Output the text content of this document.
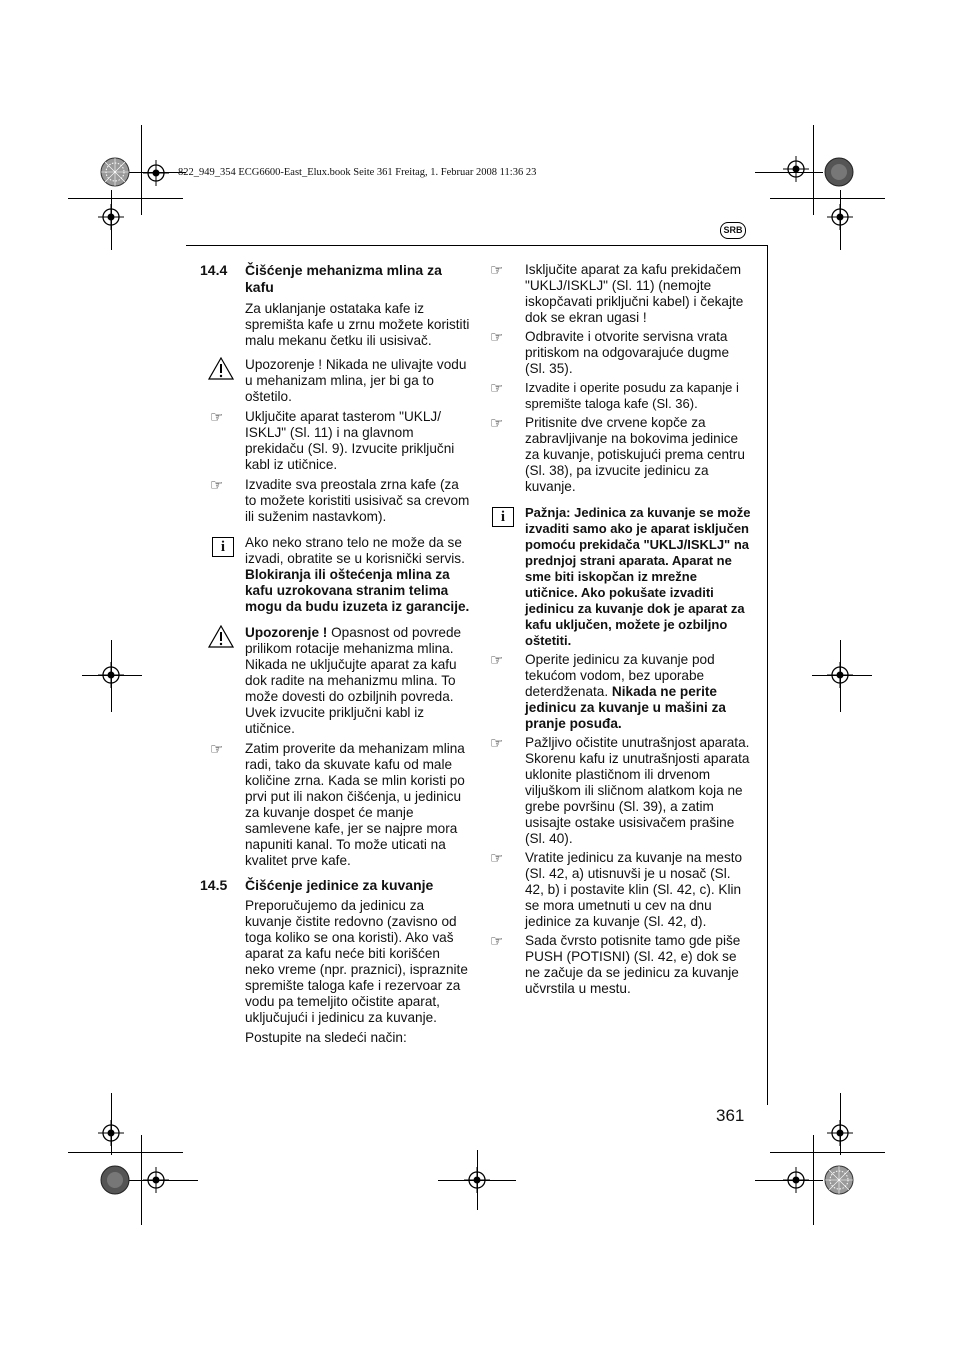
822_949_354 ECG6600-East_Elux.book Seite 361 Freitag, 1. Februar 2008 11:36 23
SRB
14.4	Čišćenje mehanizma mlina za kafu
Za uklanjanje ostataka kafe iz spremišta kafe u zrnu možete koristiti malu mekanu četku ili usisivač.
Upozorenje ! Nikada ne ulivajte vodu u mehanizam mlina, jer bi ga to oštetilo.
☞ Uključite aparat tasterom "UKLJ/ ISKLJ" (Sl. 11) i na glavnom prekidaču (Sl. 9). Izvucite priključni kabl iz utičnice.
☞ Izvadite sva preostala zrna kafe (za to možete koristiti usisivač sa crevom ili suženim nastavkom).
i	Ako neko strano telo ne može da se izvadi, obratite se u korisnički servis. Blokiranja ili oštećenja mlina za kafu uzrokovana stranim telima mogu da budu izuzeta iz garancije.
Upozorenje ! Opasnost od povrede prilikom rotacije mehanizma mlina. Nikada ne uključujte aparat za kafu dok radite na mehanizmu mlina. To može dovesti do ozbiljnih povreda. Uvek izvucite priključni kabl iz utičnice.
☞ Zatim proverite da mehanizam mlina radi, tako da skuvate kafu od male količine zrna. Kada se mlin koristi po prvi put ili nakon čišćenja, u jedinicu za kuvanje dospet će manje samlevene kafe, jer se najpre mora napuniti kanal. To može uticati na kvalitet prve kafe.
14.5	Čišćenje jedinice za kuvanje
Preporučujemo da jedinicu za kuvanje čistite redovno (zavisno od toga koliko se ona koristi). Ako vaš aparat za kafu neće biti korišćen neko vreme (npr. praznici), ispraznite spremište taloga kafe i rezervoar za vodu pa temeljito očistite aparat, uključujući i jedinicu za kuvanje.
Postupite na sledeći način:
☞ Isključite aparat za kafu prekidačem "UKLJ/ISKLJ" (Sl. 11) (nemojte iskopčavati priključni kabel) i čekajte dok se ekran ugasi !
☞ Odbravite i otvorite servisna vrata pritiskom na odgovarajuće dugme (Sl. 35).
☞ Izvadite i operite posudu za kapanje i spremište taloga kafe (Sl. 36).
☞ Pritisnite dve crvene kopče za zabravljivanje na bokovima jedinice za kuvanje, potiskujući prema centru (Sl. 38), pa izvucite jedinicu za kuvanje.
i	Pažnja: Jedinica za kuvanje se može izvaditi samo ako je aparat isključen pomoću prekidača "UKLJ/ISKLJ" na prednjoj strani aparata. Aparat ne sme biti iskopčan iz mrežne utičnice. Ako pokušate izvaditi jedinicu za kuvanje dok je aparat za kafu uključen, možete je ozbiljno oštetiti.
☞ Operite jedinicu za kuvanje pod tekućom vodom, bez uporabe deterdženata. Nikada ne perite jedinicu za kuvanje u mašini za pranje posuđa.
☞ Pažljivo očistite unutrašnjost aparata. Skorenu kafu iz unutrašnjosti aparata uklonite plastičnom ili drvenom viljuškom ili sličnom alatkom koja ne grebe površinu (Sl. 39), a zatim usisajte ostake usisivačem prašine (Sl. 40).
☞ Vratite jedinicu za kuvanje na mesto (Sl. 42, a) utisnuvši je u nosač (Sl. 42, b) i postavite klin (Sl. 42, c). Klin se mora umetnuti u cev na dnu jedinice za kuvanje (Sl. 42, d).
☞ Sada čvrsto potisnite tamo gde piše PUSH (POTISNI) (Sl. 42, e) dok se ne začuje da se jedinicu za kuvanje učvrstila u mestu.
361
